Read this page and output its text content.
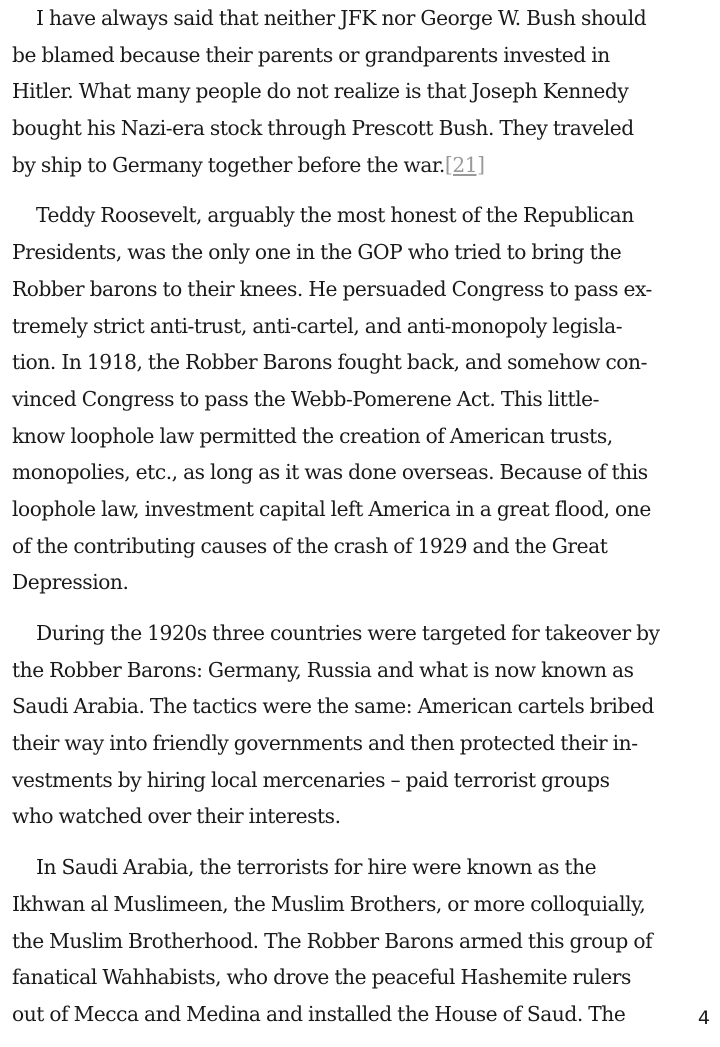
I have always said that neither JFK nor George W. Bush should
be blamed because their parents or grandparents invested in
Hitler. What many people do not realize is that Joseph Kennedy
bought his Nazi-era stock through Prescott Bush. They traveled
by ship to Germany together before the war.[21]

Teddy Roosevelt, arguably the most honest of the Republican
Presidents, was the only one in the GOP who tried to bring the
Robber barons to their knees. He persuaded Congress to pass ex-
tremely strict anti-trust, anti-cartel, and anti-monopoly legisla-
tion. In 1918, the Robber Barons fought back, and somehow con-
vinced Congress to pass the Webb-Pomerene Act. This little-
know loophole law permitted the creation of American trusts,
monopolies, etc., as long as it was done overseas. Because of this
loophole law, investment capital left America in a great flood, one
of the contributing causes of the crash of 1929 and the Great
Depression.

During the 1920s three countries were targeted for takeover by
the Robber Barons: Germany, Russia and what is now known as
Saudi Arabia. The tactics were the same: American cartels bribed
their way into friendly governments and then protected their in-
vestments by hiring local mercenaries – paid terrorist groups
who watched over their interests.

In Saudi Arabia, the terrorists for hire were known as the
Ikhwan al Muslimeen, the Muslim Brothers, or more colloquially,
the Muslim Brotherhood. The Robber Barons armed this group of
fanatical Wahhabists, who drove the peaceful Hashemite rulers
out of Mecca and Medina and installed the House of Saud. The	4
